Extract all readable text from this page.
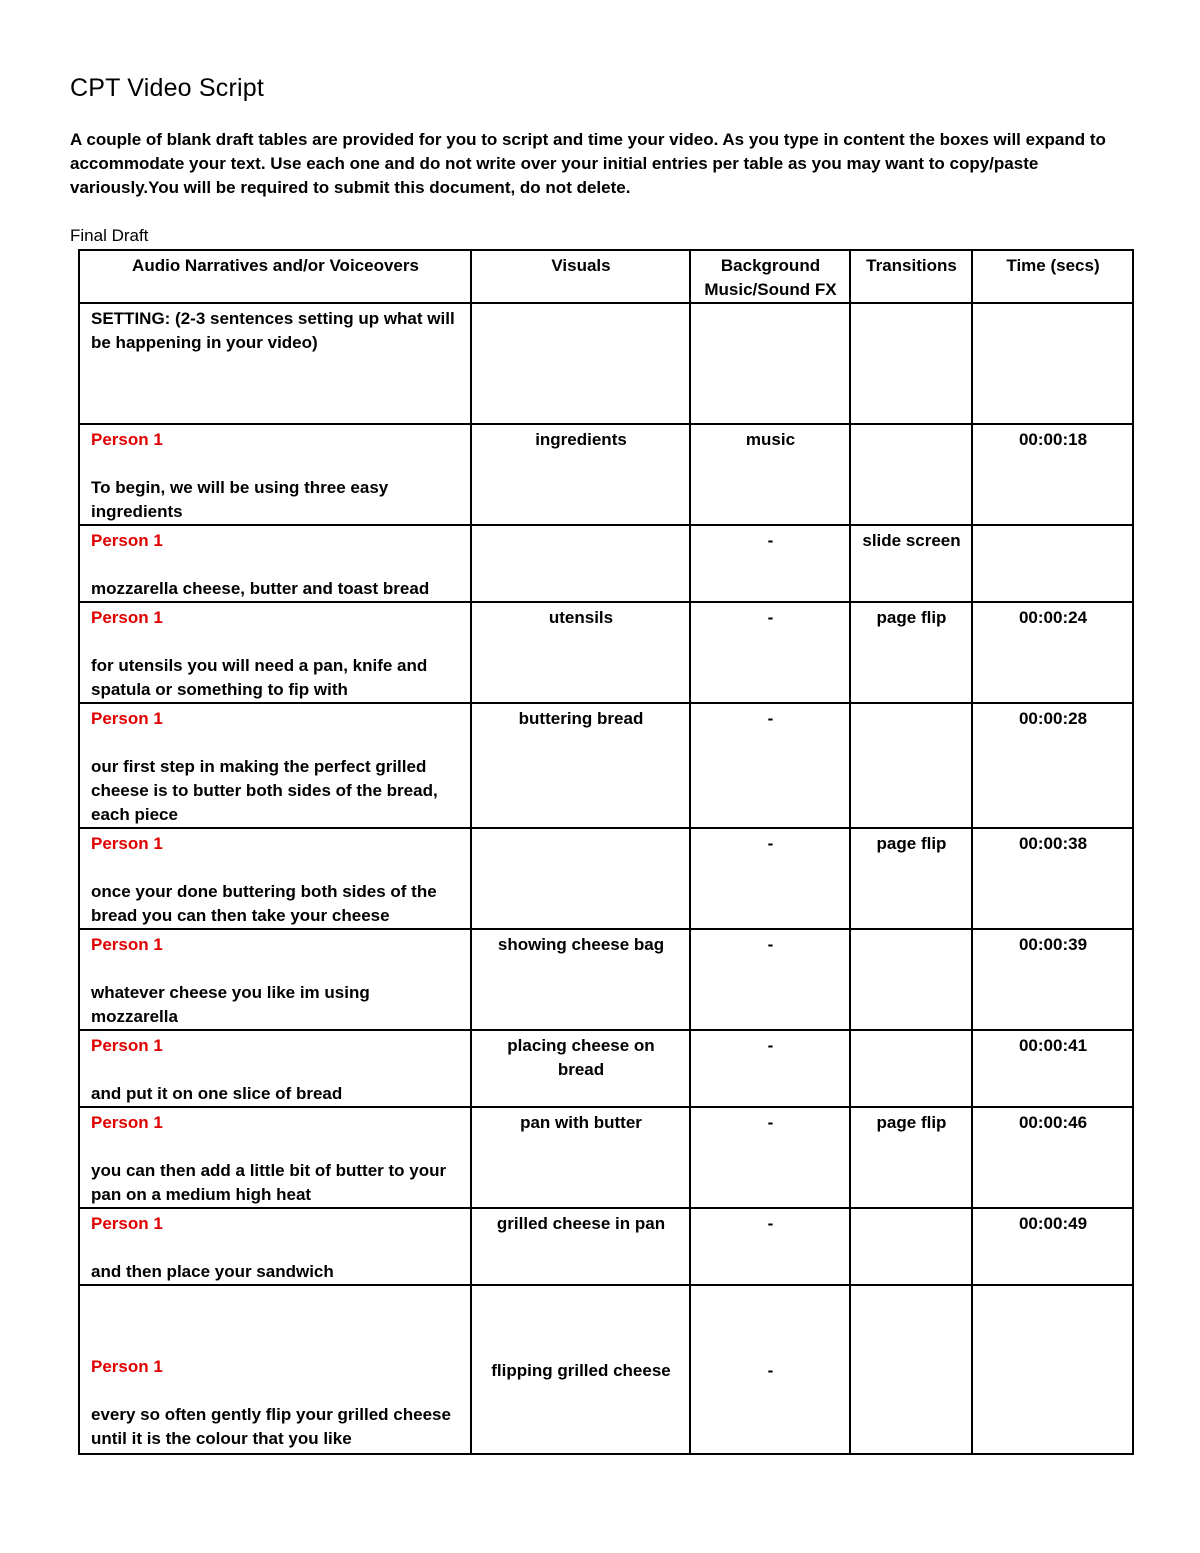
CPT Video Script

A couple of blank draft tables are provided for you to script and time your video. As you type in content the boxes will expand to accommodate your text. Use each one and do not write over your initial entries per table as you may want to copy/paste variously.You will be required to submit this document, do not delete.

Final Draft
Audio Narratives and/or Voiceovers	Visuals	Background Music/Sound FX	Transitions	Time (secs)
SETTING: (2-3 sentences setting up what will be happening in your video)				

Person 1
To begin, we will be using three easy ingredients	ingredients	music		00:00:18

Person 1
mozzarella cheese, butter and toast bread		-	slide screen	

Person 1
for utensils you will need a pan, knife and spatula or something to fip with	utensils	-	page flip	00:00:24

Person 1
our first step in making the perfect grilled cheese is to butter both sides of the bread, each piece	buttering bread	-		00:00:28

Person 1
once your done buttering both sides of the bread you can then take your cheese		-	page flip	00:00:38

Person 1
whatever cheese you like im using mozzarella	showing cheese bag	-		00:00:39

Person 1
and put it on one slice of bread	placing cheese on bread	-		00:00:41

Person 1
you can then add a little bit of butter to your pan on a medium high heat	pan with butter	-	page flip	00:00:46

Person 1
and then place your sandwich	grilled cheese in pan	-		00:00:49

Person 1
every so often gently flip your grilled cheese until it is the colour that you like	flipping grilled cheese	-		
